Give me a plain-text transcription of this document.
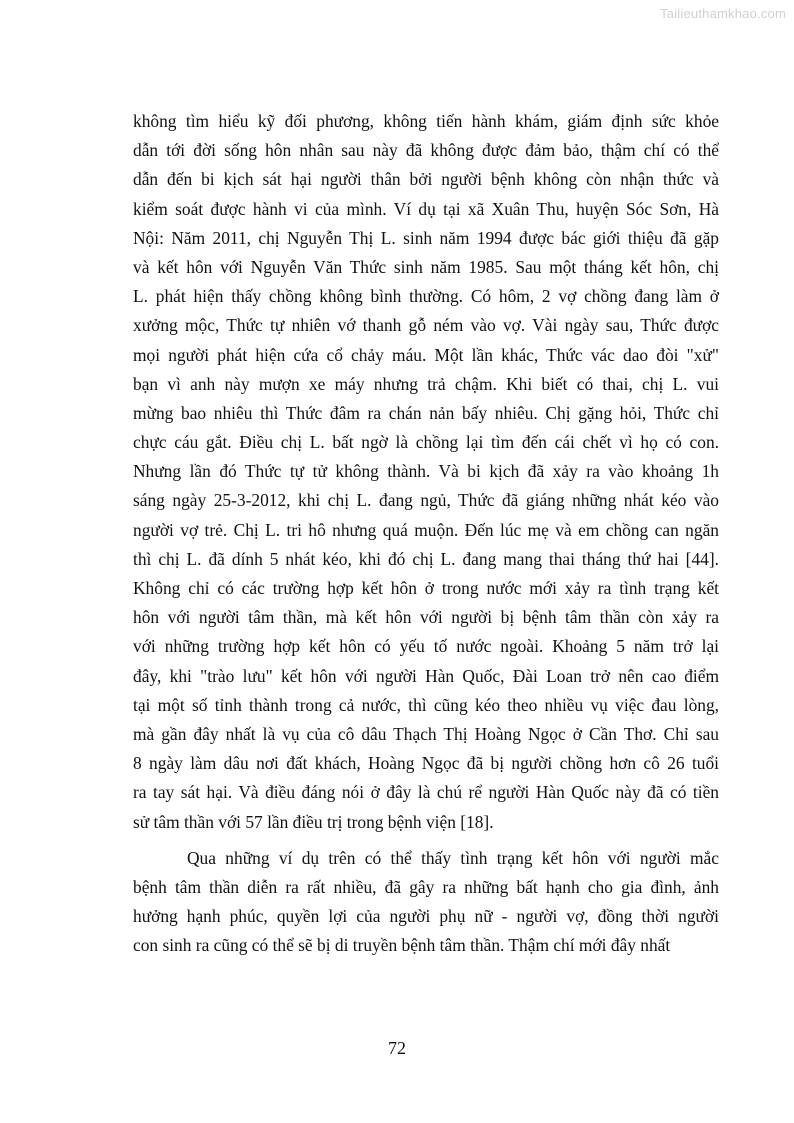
Tailieuthamkhao.com
không tìm hiểu kỹ đối phương, không tiến hành khám, giám định sức khỏe
dẫn tới đời sống hôn nhân sau này đã không được đảm bảo, thậm chí có thể
dẫn đến bi kịch sát hại người thân bởi người bệnh không còn nhận thức và
kiểm soát được hành vi của mình. Ví dụ tại xã Xuân Thu, huyện Sóc Sơn, Hà
Nội: Năm 2011, chị Nguyễn Thị L. sinh năm 1994 được bác giới thiệu đã gặp
và kết hôn với Nguyễn Văn Thức sinh năm 1985. Sau một tháng kết hôn, chị
L. phát hiện thấy chồng không bình thường. Có hôm, 2 vợ chồng đang làm ở
xưởng mộc, Thức tự nhiên vớ thanh gỗ ném vào vợ. Vài ngày sau, Thức được
mọi người phát hiện cứa cổ chảy máu. Một lần khác, Thức vác dao đòi "xử"
bạn vì anh này mượn xe máy nhưng trả chậm. Khi biết có thai, chị L. vui
mừng bao nhiêu thì Thức đâm ra chán nản bấy nhiêu. Chị gặng hỏi, Thức chỉ
chực cáu gắt. Điều chị L. bất ngờ là chồng lại tìm đến cái chết vì họ có con.
Nhưng lần đó Thức tự tử không thành. Và bi kịch đã xảy ra vào khoảng 1h
sáng ngày 25-3-2012, khi chị L. đang ngủ, Thức đã giáng những nhát kéo vào
người vợ trẻ. Chị L. tri hô nhưng quá muộn. Đến lúc mẹ và em chồng can ngăn
thì chị L. đã dính 5 nhát kéo, khi đó chị L. đang mang thai tháng thứ hai [44].
Không chỉ có các trường hợp kết hôn ở trong nước mới xảy ra tình trạng kết
hôn với người tâm thần, mà kết hôn với người bị bệnh tâm thần còn xảy ra
với những trường hợp kết hôn có yếu tố nước ngoài. Khoảng 5 năm trở lại
đây, khi "trào lưu" kết hôn với người Hàn Quốc, Đài Loan trở nên cao điểm
tại một số tỉnh thành trong cả nước, thì cũng kéo theo nhiều vụ việc đau lòng,
mà gần đây nhất là vụ của cô dâu Thạch Thị Hoàng Ngọc ở Cần Thơ. Chỉ sau
8 ngày làm dâu nơi đất khách, Hoàng Ngọc đã bị người chồng hơn cô 26 tuổi
ra tay sát hại. Và điều đáng nói ở đây là chú rể người Hàn Quốc này đã có tiền
sử tâm thần với 57 lần điều trị trong bệnh viện [18].
Qua những ví dụ trên có thể thấy tình trạng kết hôn với người mắc
bệnh tâm thần diễn ra rất nhiều, đã gây ra những bất hạnh cho gia đình, ảnh
hưởng hạnh phúc, quyền lợi của người phụ nữ - người vợ, đồng thời người
con sinh ra cũng có thể sẽ bị di truyền bệnh tâm thần. Thậm chí mới đây nhất
72
